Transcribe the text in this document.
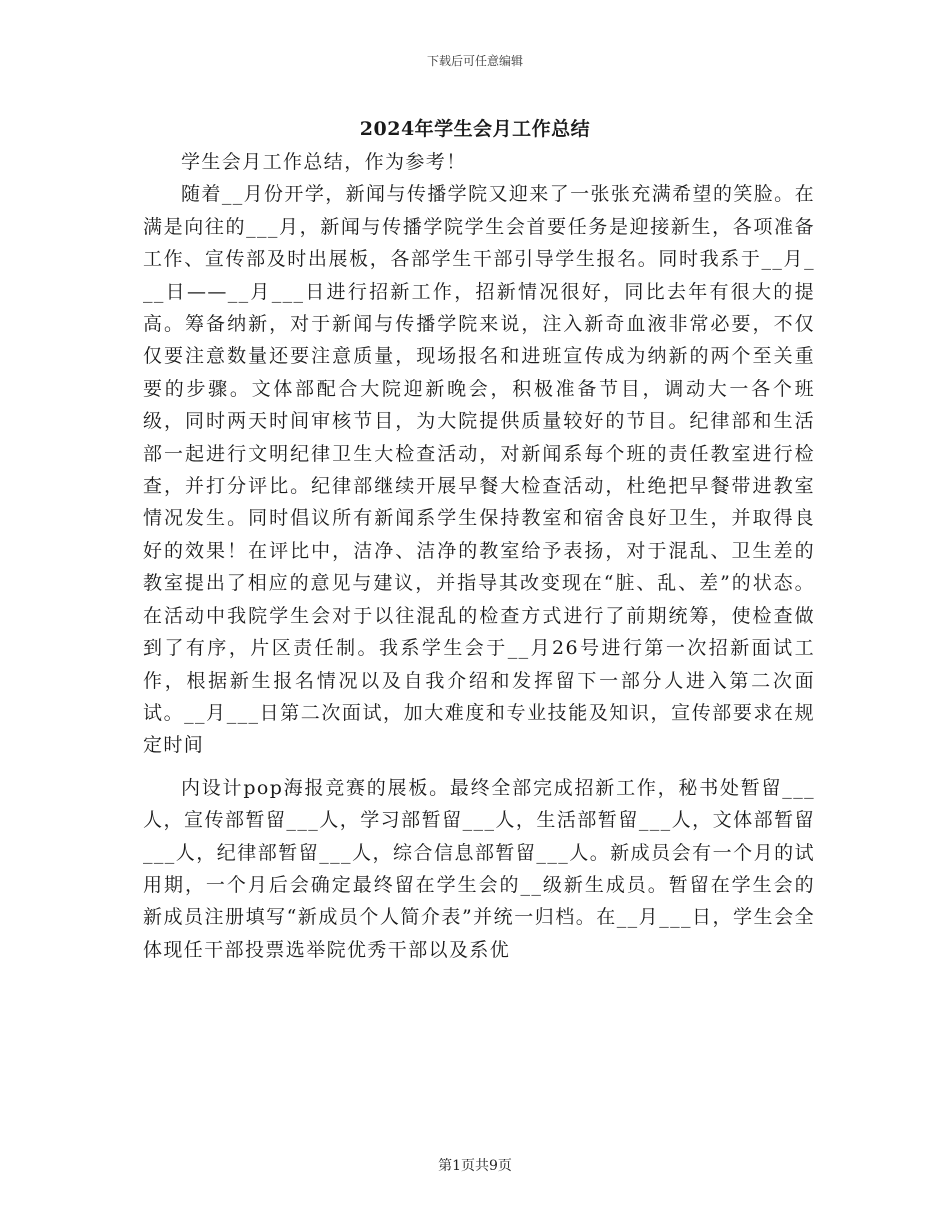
下载后可任意编辑
2024年学生会月工作总结

学生会月工作总结，作为参考！

随着__月份开学，新闻与传播学院又迎来了一张张充满希望的笑脸。在满是向往的___月，新闻与传播学院学生会首要任务是迎接新生，各项准备工作、宣传部及时出展板，各部学生干部引导学生报名。同时我系于__月___日——__月___日进行招新工作，招新情况很好，同比去年有很大的提高。筹备纳新，对于新闻与传播学院来说，注入新奇血液非常必要，不仅仅要注意数量还要注意质量，现场报名和进班宣传成为纳新的两个至关重要的步骤。文体部配合大院迎新晚会，积极准备节目，调动大一各个班级，同时两天时间审核节目，为大院提供质量较好的节目。纪律部和生活部一起进行文明纪律卫生大检查活动，对新闻系每个班的责任教室进行检查，并打分评比。纪律部继续开展早餐大检查活动，杜绝把早餐带进教室情况发生。同时倡议所有新闻系学生保持教室和宿舍良好卫生，并取得良好的效果！在评比中，洁净、洁净的教室给予表扬，对于混乱、卫生差的教室提出了相应的意见与建议，并指导其改变现在“脏、乱、差”的状态。在活动中我院学生会对于以往混乱的检查方式进行了前期统筹，使检查做到了有序，片区责任制。我系学生会于__月26号进行第一次招新面试工作，根据新生报名情况以及自我介绍和发挥留下一部分人进入第二次面试。__月___日第二次面试，加大难度和专业技能及知识，宣传部要求在规定时间

内设计pop海报竞赛的展板。最终全部完成招新工作，秘书处暂留___人，宣传部暂留___人，学习部暂留___人，生活部暂留___人，文体部暂留___人，纪律部暂留___人，综合信息部暂留___人。新成员会有一个月的试用期，一个月后会确定最终留在学生会的__级新生成员。暂留在学生会的新成员注册填写“新成员个人简介表”并统一归档。在__月___日，学生会全体现任干部投票选举院优秀干部以及系优

第1页共9页
